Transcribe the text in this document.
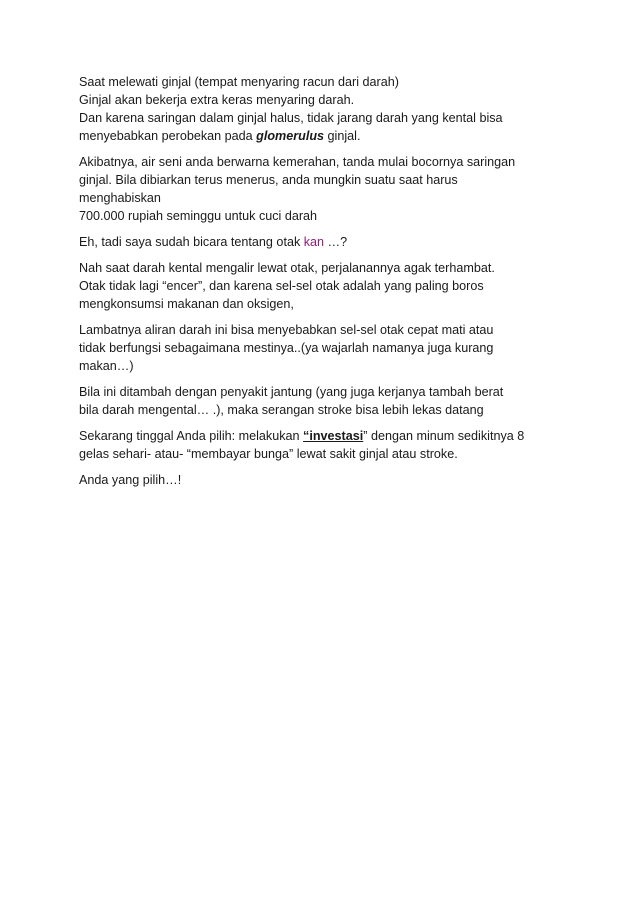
Saat melewati ginjal (tempat menyaring racun dari darah)
Ginjal akan bekerja extra keras menyaring darah.
Dan karena saringan dalam ginjal halus, tidak jarang darah yang kental bisa
menyebabkan perobekan pada glomerulus ginjal.
Akibatnya, air seni anda berwarna kemerahan, tanda mulai bocornya saringan
ginjal. Bila dibiarkan terus menerus, anda mungkin suatu saat harus
menghabiskan
700.000 rupiah seminggu untuk cuci darah
Eh, tadi saya sudah bicara tentang otak kan …?
Nah saat darah kental mengalir lewat otak, perjalanannya agak terhambat.
Otak tidak lagi “encer”, dan karena sel-sel otak adalah yang paling boros
mengkonsumsi makanan dan oksigen,
Lambatnya aliran darah ini bisa menyebabkan sel-sel otak cepat mati atau
tidak berfungsi sebagaimana mestinya..(ya wajarlah namanya juga kurang
makan…)
Bila ini ditambah dengan penyakit jantung (yang juga kerjanya tambah berat
bila darah mengental… .), maka serangan stroke bisa lebih lekas datang
Sekarang tinggal Anda pilih: melakukan “investasi” dengan minum sedikitnya 8
gelas sehari- atau- “membayar bunga” lewat sakit ginjal atau stroke.
Anda yang pilih…!
